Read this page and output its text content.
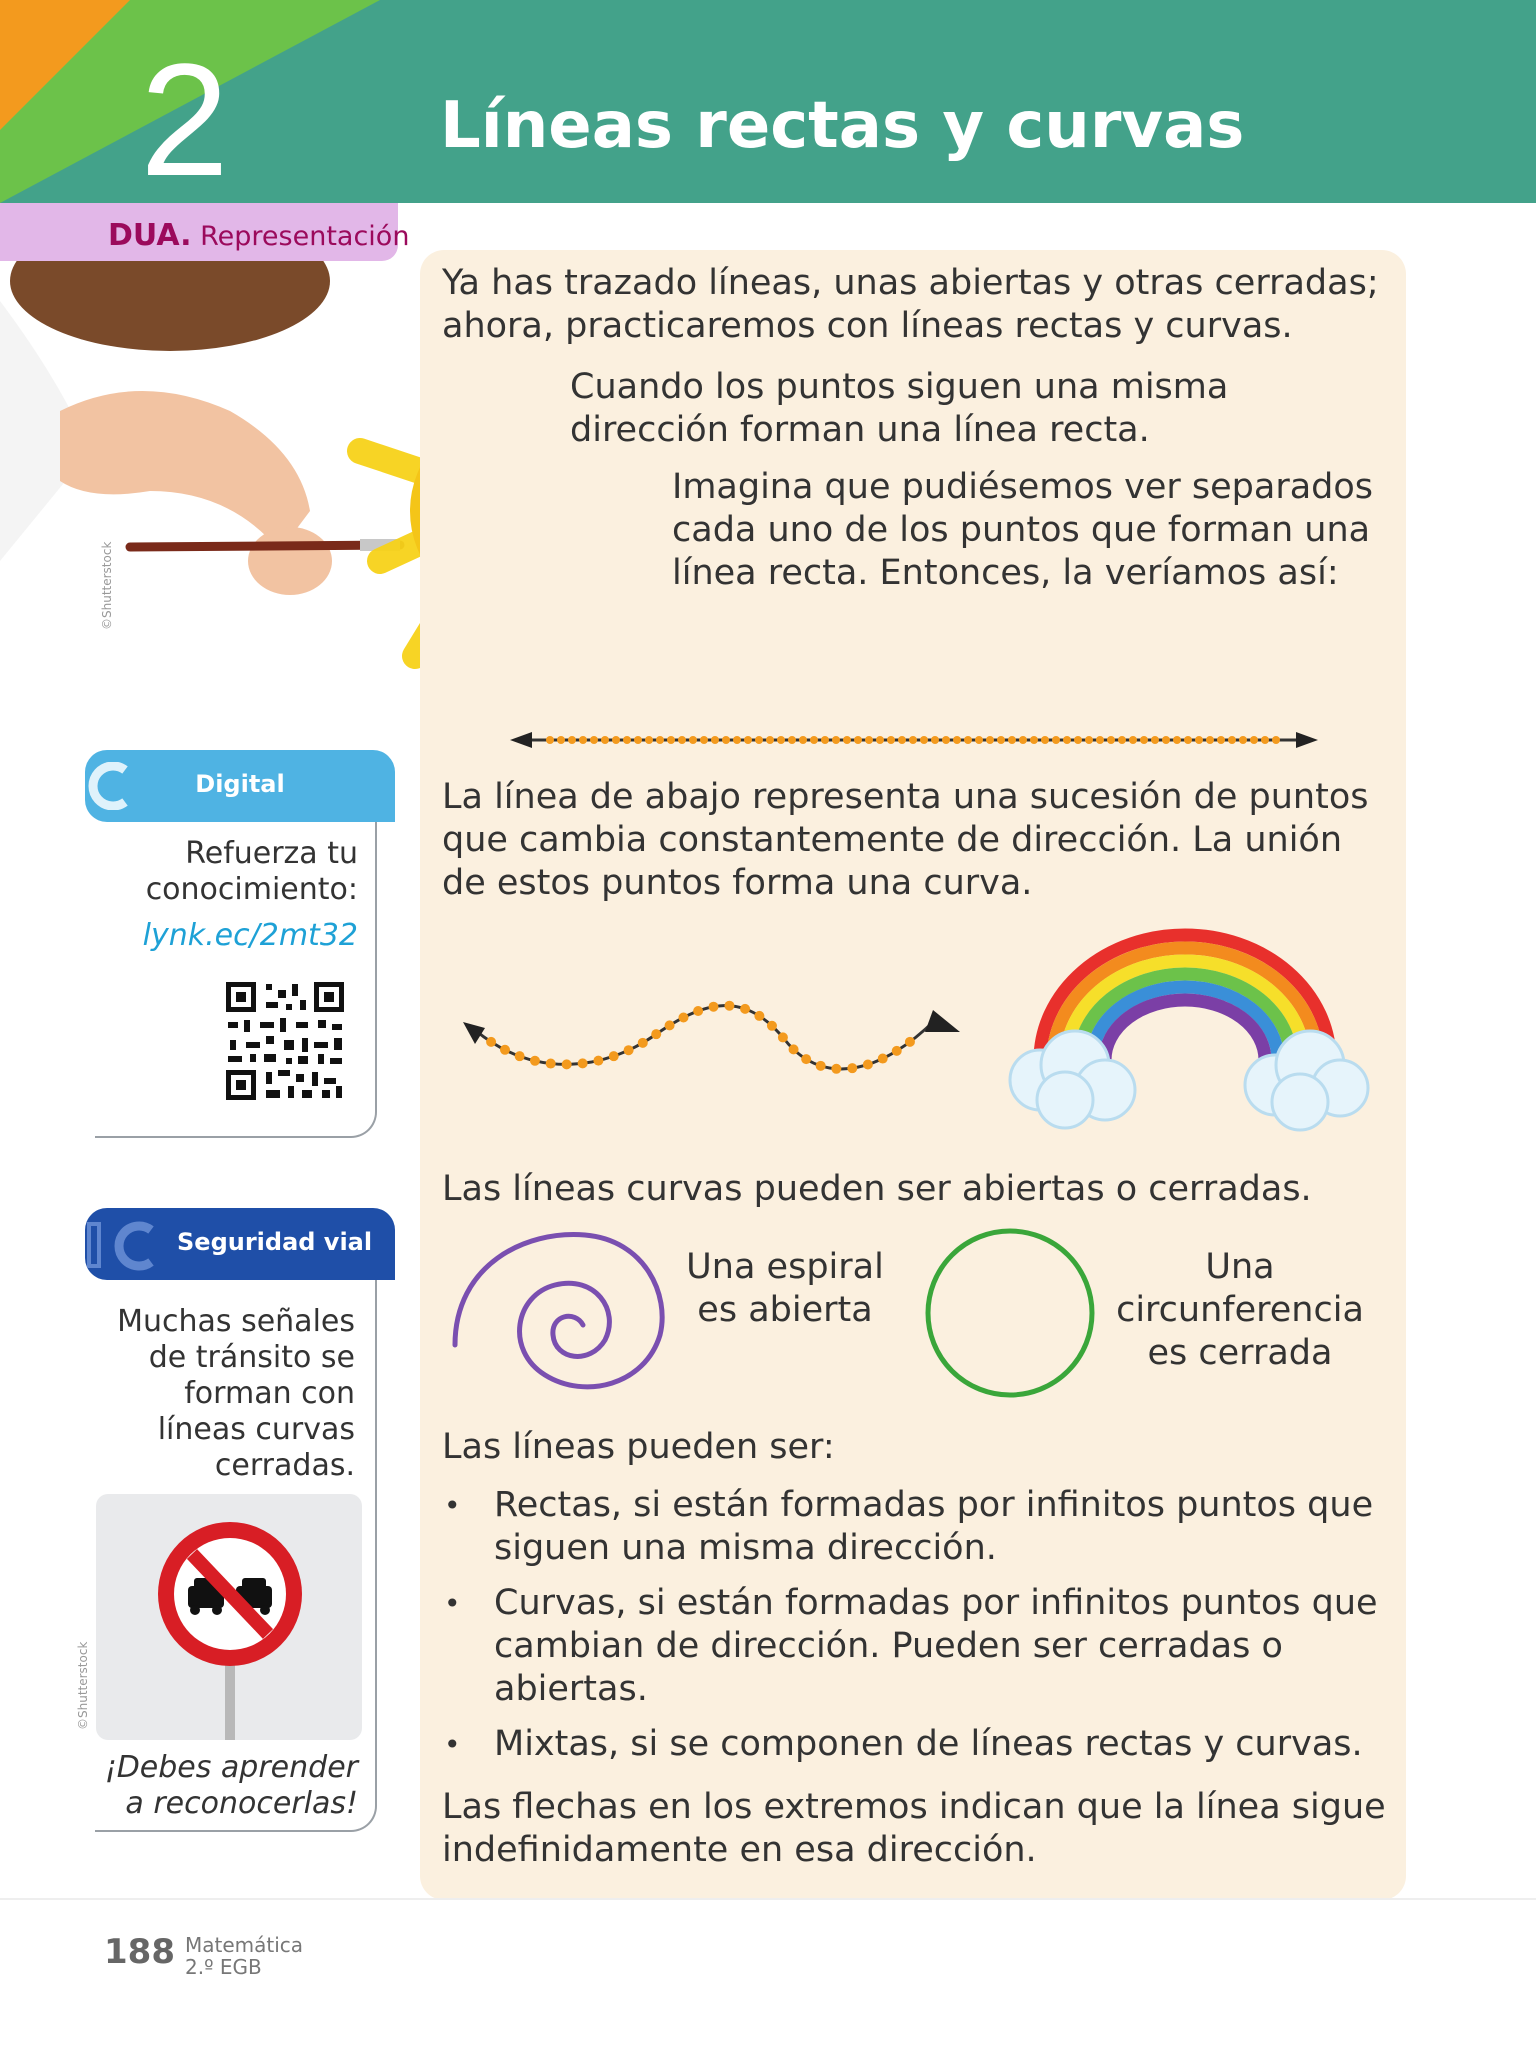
2	Líneas rectas y curvas
DUA. Representación
©Shutterstock
Ya has trazado líneas, unas abiertas y otras cerradas; ahora, practicaremos con líneas rectas y curvas.
Cuando los puntos siguen una misma dirección forman una línea recta.
Imagina que pudiésemos ver separados cada uno de los puntos que forman una línea recta. Entonces, la veríamos así:
La línea de abajo representa una sucesión de puntos que cambia constantemente de dirección. La unión de estos puntos forma una curva.
Las líneas curvas pueden ser abiertas o cerradas.
Una espiral es abierta
Una circunferencia es cerrada
Las líneas pueden ser:
• Rectas, si están formadas por infinitos puntos que siguen una misma dirección.
• Curvas, si están formadas por infinitos puntos que cambian de dirección. Pueden ser cerradas o abiertas.
• Mixtas, si se componen de líneas rectas y curvas.
Las flechas en los extremos indican que la línea sigue indefinidamente en esa dirección.
Digital
Refuerza tu conocimiento:
lynk.ec/2mt32
Seguridad vial
Muchas señales de tránsito se forman con líneas curvas cerradas.
©Shutterstock
¡Debes aprender a reconocerlas!
188 Matemática
2.º EGB
